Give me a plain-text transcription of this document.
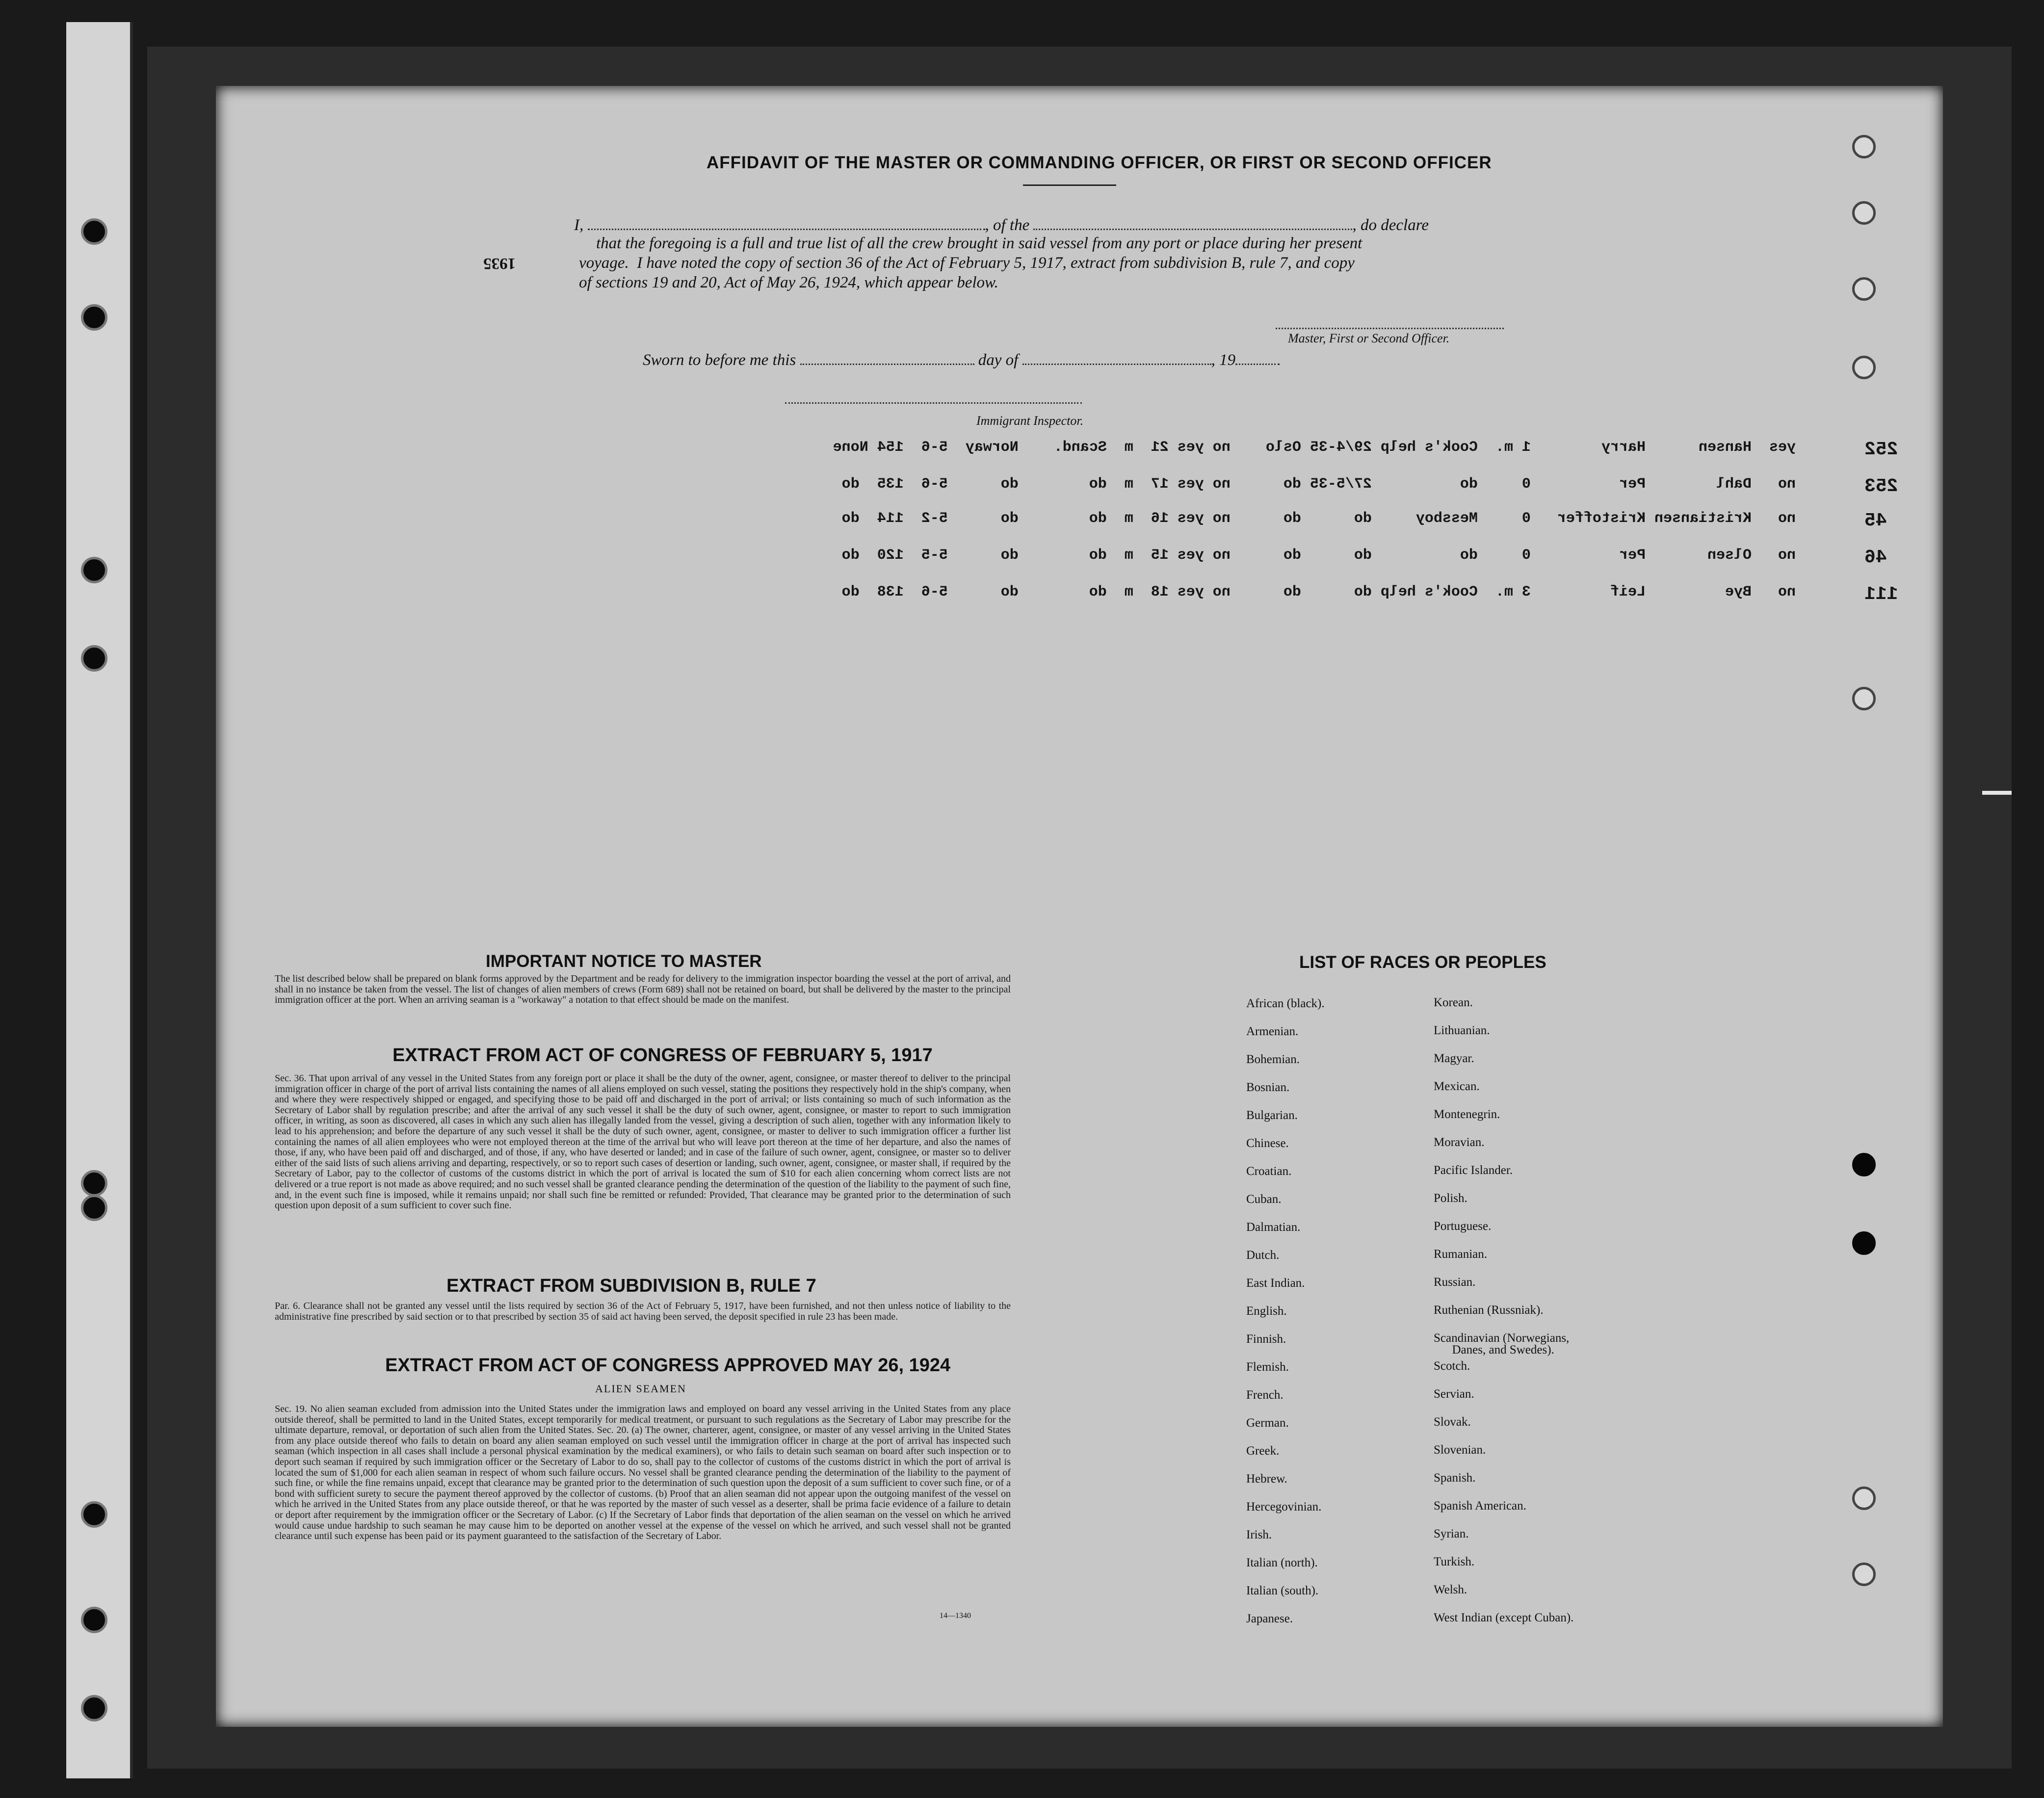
AFFIDAVIT OF THE MASTER OR COMMANDING OFFICER, OR FIRST OR SECOND OFFICER
I,	, of the	, do declare
that the foregoing is a full and true list of all the crew brought in said vessel from any port or place during her present
voyage.  I have noted the copy of section 36 of the Act of February 5, 1917, extract from subdivision B, rule 7, and copy
of sections 19 and 20, Act of May 26, 1924, which appear below.
1935
Master, First or Second Officer.
Sworn to before me this	day of	, 19
Immigrant Inspector.
yes  Hansen      Harry        1 m.  Cook's help 29/4-35 Oslo    no yes 21  m  Scand.    Norway  5-6  154 None	252
no   Dahl        Per          0     do          27/5-35 do      no yes 17  m  do        do      5-6  135  do	253
no   Kristiansen Kristoffer   0     Messboy     do      do      no yes 16  m  do        do      5-2  114  do	45
no   Olsen       Per          0     do          do      do      no yes 15  m  do        do      5-5  120  do	46
no   Bye         Leif         3 m.  Cook's help do      do      no yes 18  m  do        do      5-6  138  do	111
IMPORTANT NOTICE TO MASTER
The list described below shall be prepared on blank forms approved by the Department and be ready for delivery to the immigration inspector boarding the vessel at the port of arrival, and shall in no instance be taken from the vessel. The list of changes of alien members of crews (Form 689) shall not be retained on board, but shall be delivered by the master to the principal immigration officer at the port. When an arriving seaman is a "workaway" a notation to that effect should be made on the manifest.
EXTRACT FROM ACT OF CONGRESS OF FEBRUARY 5, 1917
Sec. 36. That upon arrival of any vessel in the United States from any foreign port or place it shall be the duty of the owner, agent, consignee, or master thereof to deliver to the principal immigration officer in charge of the port of arrival lists containing the names of all aliens employed on such vessel, stating the positions they respectively hold in the ship's company, when and where they were respectively shipped or engaged, and specifying those to be paid off and discharged in the port of arrival; or lists containing so much of such information as the Secretary of Labor shall by regulation prescribe; and after the arrival of any such vessel it shall be the duty of such owner, agent, consignee, or master to report to such immigration officer, in writing, as soon as discovered, all cases in which any such alien has illegally landed from the vessel, giving a description of such alien, together with any information likely to lead to his apprehension; and before the departure of any such vessel it shall be the duty of such owner, agent, consignee, or master to deliver to such immigration officer a further list containing the names of all alien employees who were not employed thereon at the time of the arrival but who will leave port thereon at the time of her departure, and also the names of those, if any, who have been paid off and discharged, and of those, if any, who have deserted or landed; and in case of the failure of such owner, agent, consignee, or master so to deliver either of the said lists of such aliens arriving and departing, respectively, or so to report such cases of desertion or landing, such owner, agent, consignee, or master shall, if required by the Secretary of Labor, pay to the collector of customs of the customs district in which the port of arrival is located the sum of $10 for each alien concerning whom correct lists are not delivered or a true report is not made as above required; and no such vessel shall be granted clearance pending the determination of the question of the liability to the payment of such fine, and, in the event such fine is imposed, while it remains unpaid; nor shall such fine be remitted or refunded: Provided, That clearance may be granted prior to the determination of such question upon deposit of a sum sufficient to cover such fine.
EXTRACT FROM SUBDIVISION B, RULE 7
Par. 6. Clearance shall not be granted any vessel until the lists required by section 36 of the Act of February 5, 1917, have been furnished, and not then unless notice of liability to the administrative fine prescribed by said section or to that prescribed by section 35 of said act having been served, the deposit specified in rule 23 has been made.
EXTRACT FROM ACT OF CONGRESS APPROVED MAY 26, 1924
ALIEN SEAMEN
Sec. 19. No alien seaman excluded from admission into the United States under the immigration laws and employed on board any vessel arriving in the United States from any place outside thereof, shall be permitted to land in the United States, except temporarily for medical treatment, or pursuant to such regulations as the Secretary of Labor may prescribe for the ultimate departure, removal, or deportation of such alien from the United States. Sec. 20. (a) The owner, charterer, agent, consignee, or master of any vessel arriving in the United States from any place outside thereof who fails to detain on board any alien seaman employed on such vessel until the immigration officer in charge at the port of arrival has inspected such seaman (which inspection in all cases shall include a personal physical examination by the medical examiners), or who fails to detain such seaman on board after such inspection or to deport such seaman if required by such immigration officer or the Secretary of Labor to do so, shall pay to the collector of customs of the customs district in which the port of arrival is located the sum of $1,000 for each alien seaman in respect of whom such failure occurs. No vessel shall be granted clearance pending the determination of the liability to the payment of such fine, or while the fine remains unpaid, except that clearance may be granted prior to the determination of such question upon the deposit of a sum sufficient to cover such fine, or of a bond with sufficient surety to secure the payment thereof approved by the collector of customs. (b) Proof that an alien seaman did not appear upon the outgoing manifest of the vessel on which he arrived in the United States from any place outside thereof, or that he was reported by the master of such vessel as a deserter, shall be prima facie evidence of a failure to detain or deport after requirement by the immigration officer or the Secretary of Labor. (c) If the Secretary of Labor finds that deportation of the alien seaman on the vessel on which he arrived would cause undue hardship to such seaman he may cause him to be deported on another vessel at the expense of the vessel on which he arrived, and such vessel shall not be granted clearance until such expense has been paid or its payment guaranteed to the satisfaction of the Secretary of Labor.
14—1340
LIST OF RACES OR PEOPLES
African (black).
Armenian.
Bohemian.
Bosnian.
Bulgarian.
Chinese.
Croatian.
Cuban.
Dalmatian.
Dutch.
East Indian.
English.
Finnish.
Flemish.
French.
German.
Greek.
Hebrew.
Hercegovinian.
Irish.
Italian (north).
Italian (south).
Japanese.
Korean.
Lithuanian.
Magyar.
Mexican.
Montenegrin.
Moravian.
Pacific Islander.
Polish.
Portuguese.
Rumanian.
Russian.
Ruthenian (Russniak).
Scandinavian (Norwegians,
Danes, and Swedes).
Scotch.
Servian.
Slovak.
Slovenian.
Spanish.
Spanish American.
Syrian.
Turkish.
Welsh.
West Indian (except Cuban).
